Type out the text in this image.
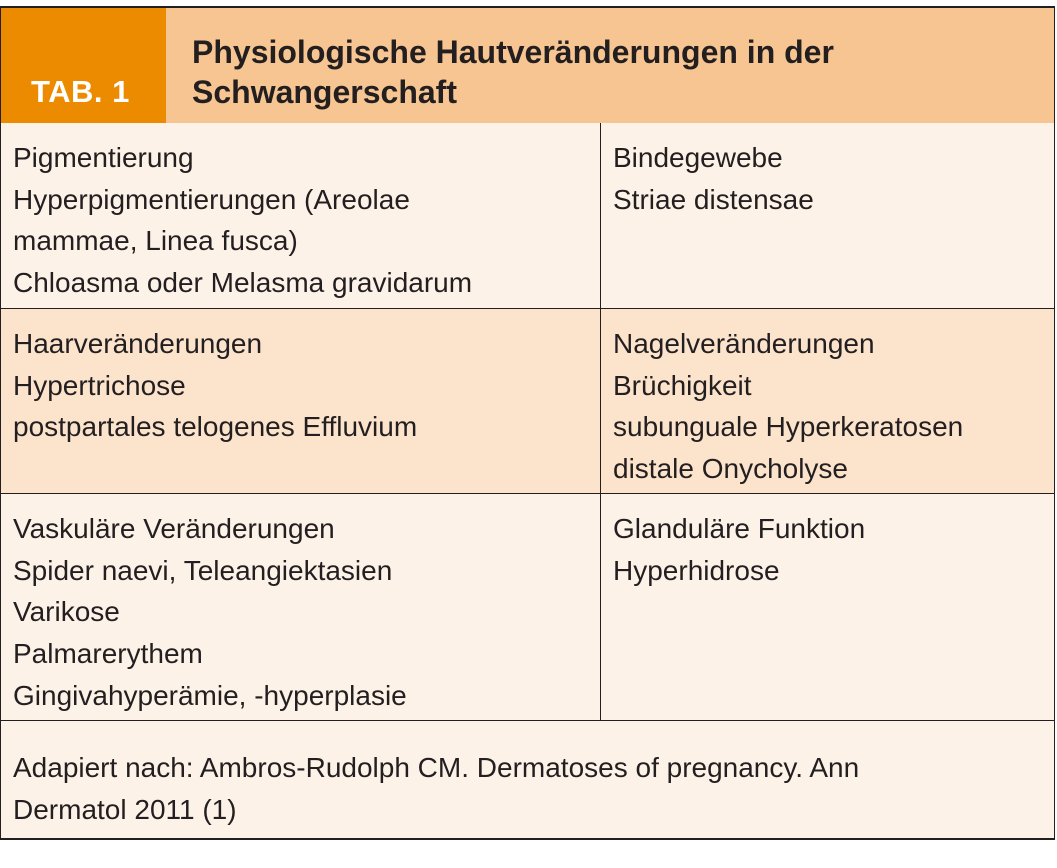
TAB. 1
Physiologische Hautveränderungen in der
Schwangerschaft
Pigmentierung
Hyperpigmentierungen (Areolae
mammae, Linea fusca)
Chloasma oder Melasma gravidarum
Bindegewebe
Striae distensae
Haarveränderungen
Hypertrichose
postpartales telogenes Effluvium
Nagelveränderungen
Brüchigkeit
subunguale Hyperkeratosen
distale Onycholyse
Vaskuläre Veränderungen
Spider naevi, Teleangiektasien
Varikose
Palmarerythem
Gingivahyperämie, -hyperplasie
Glanduläre Funktion
Hyperhidrose
Adapiert nach: Ambros-Rudolph CM. Dermatoses of pregnancy. Ann
Dermatol 2011 (1)
